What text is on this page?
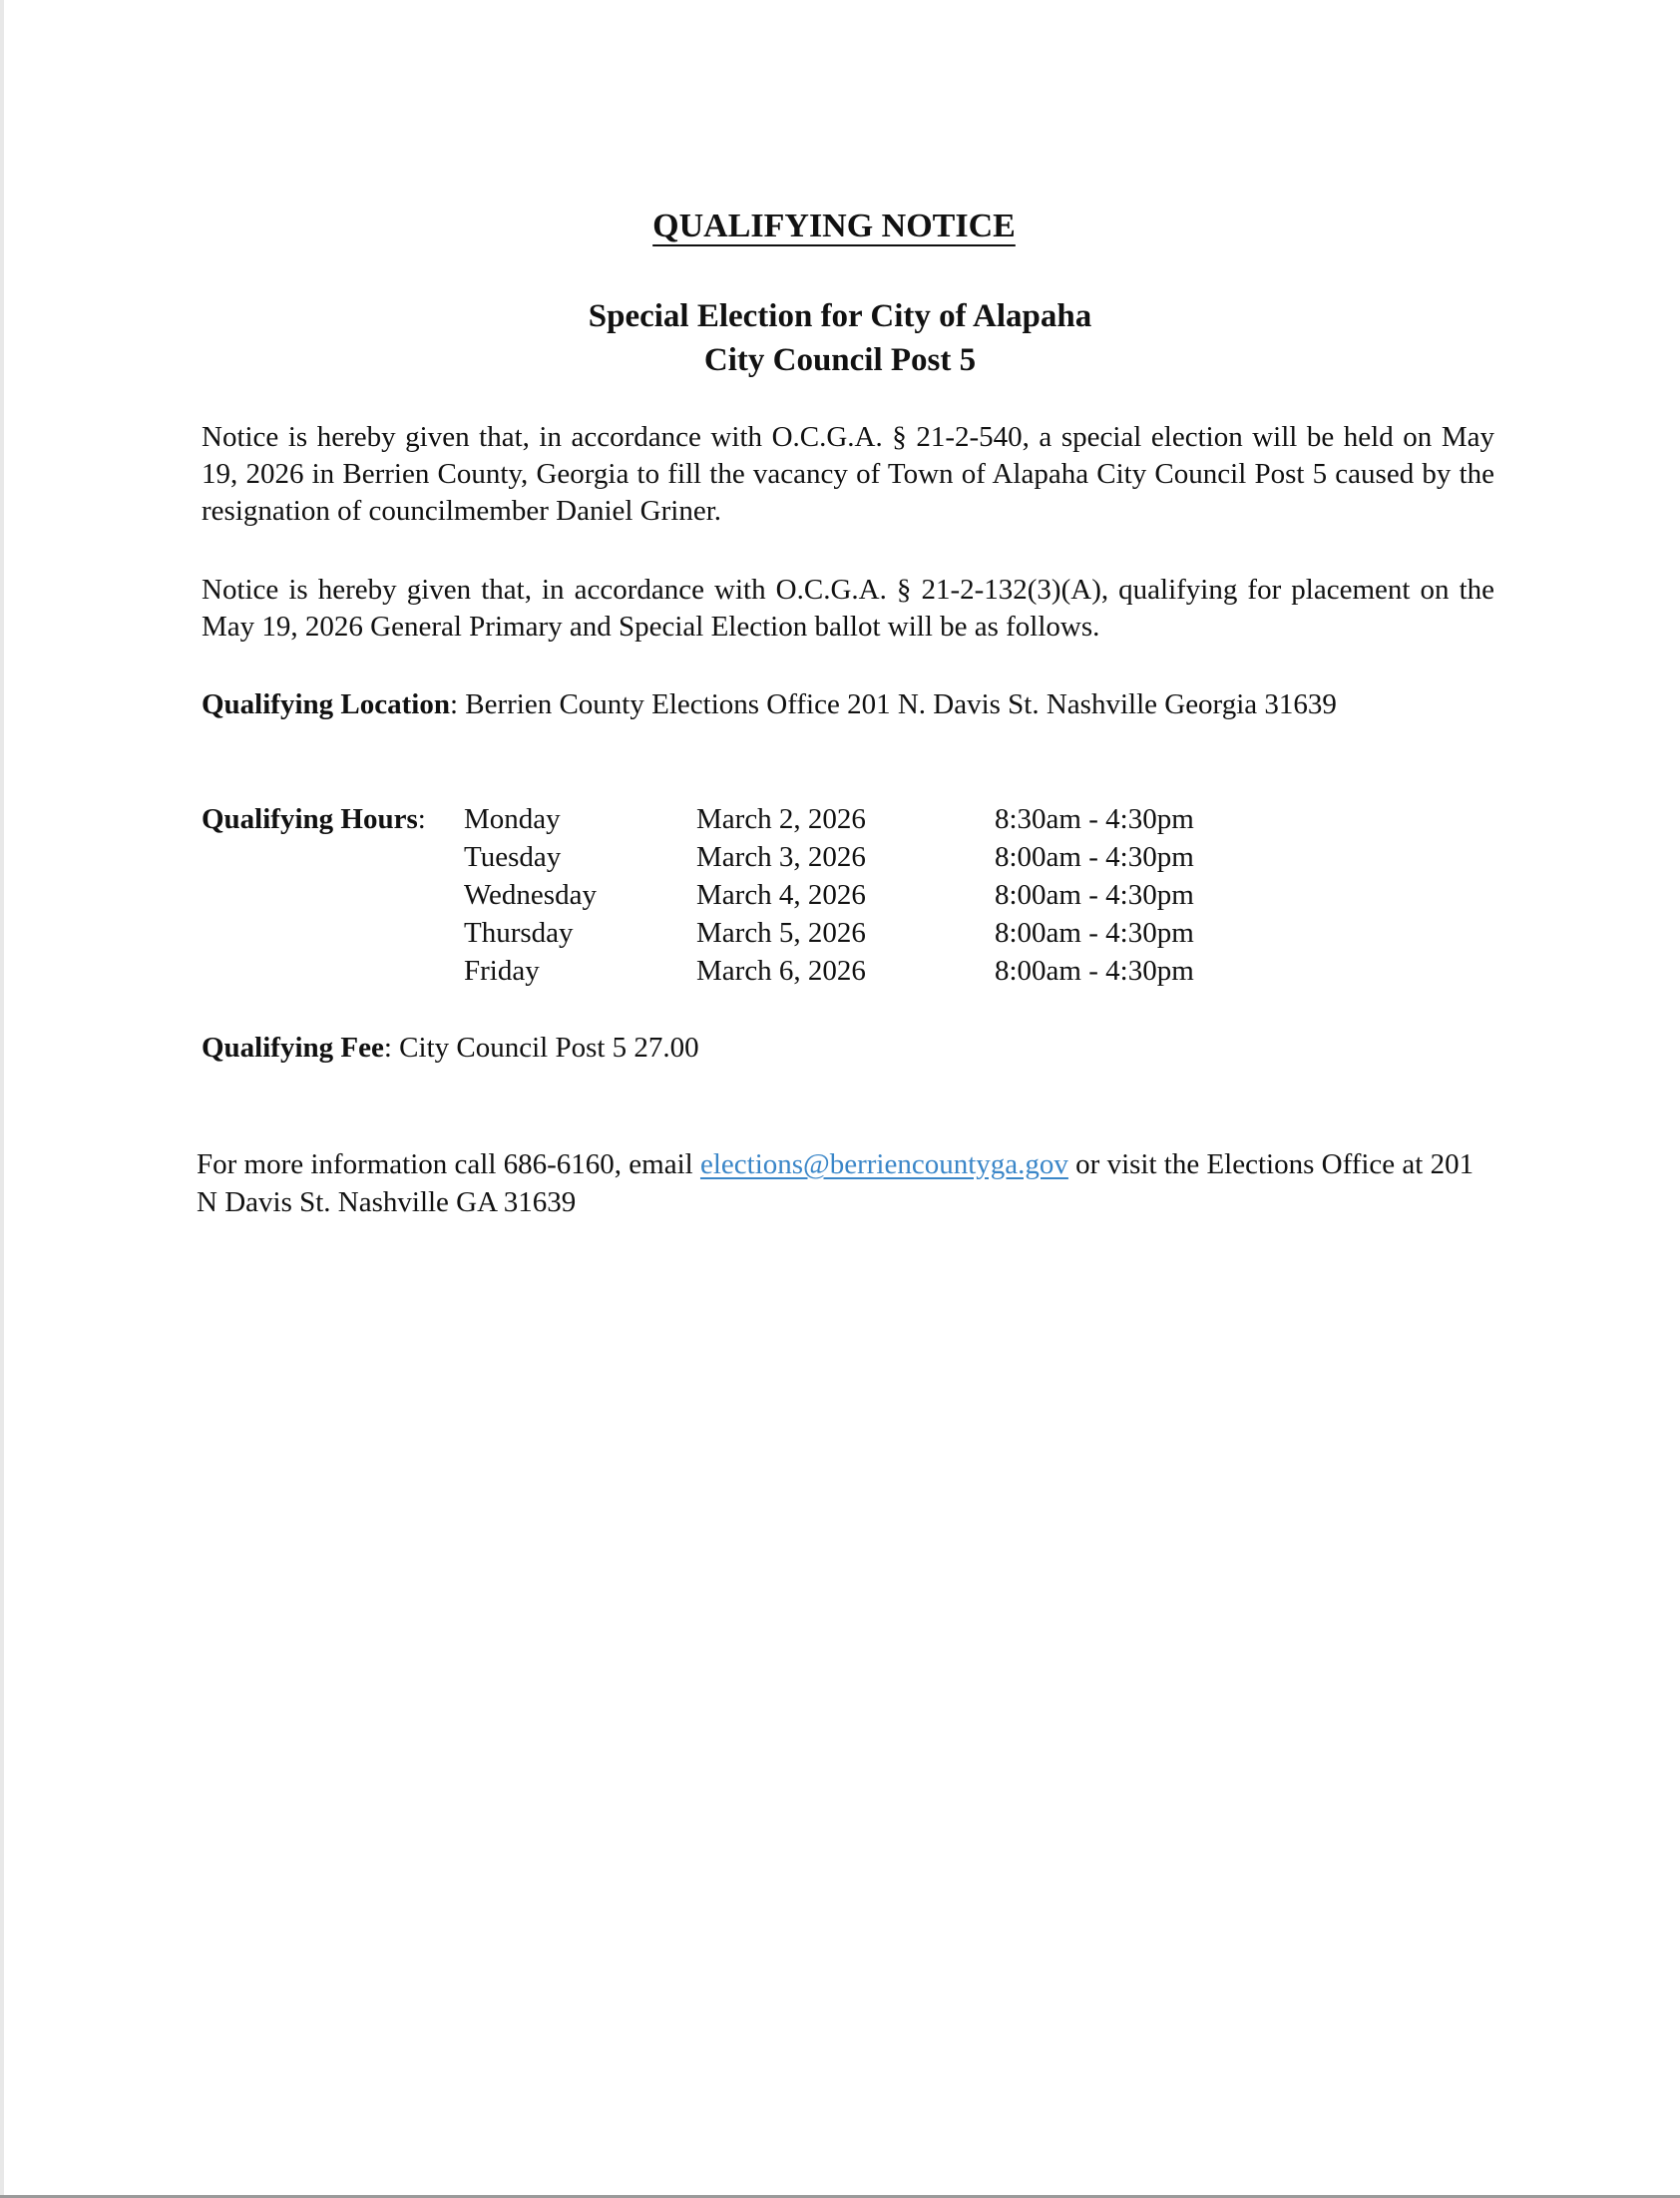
QUALIFYING NOTICE
Special Election for City of Alapaha
City Council Post 5
Notice is hereby given that, in accordance with O.C.G.A. § 21-2-540, a special election will be held on May 19, 2026 in Berrien County, Georgia to fill the vacancy of Town of Alapaha City Council Post 5 caused by the resignation of councilmember Daniel Griner.
Notice is hereby given that, in accordance with O.C.G.A. § 21-2-132(3)(A), qualifying for placement on the May 19, 2026 General Primary and Special Election ballot will be as follows.
Qualifying Location: Berrien County Elections Office 201 N. Davis St. Nashville Georgia 31639
Qualifying Hours: Monday	March 2, 2026	8:30am - 4:30pm
Tuesday	March 3, 2026	8:00am - 4:30pm
Wednesday	March 4, 2026	8:00am - 4:30pm
Thursday	March 5, 2026	8:00am - 4:30pm
Friday	March 6, 2026	8:00am - 4:30pm
Qualifying Fee: City Council Post 5 27.00
For more information call 686-6160, email elections@berriencountyga.gov or visit the Elections Office at 201 N Davis St. Nashville GA 31639
